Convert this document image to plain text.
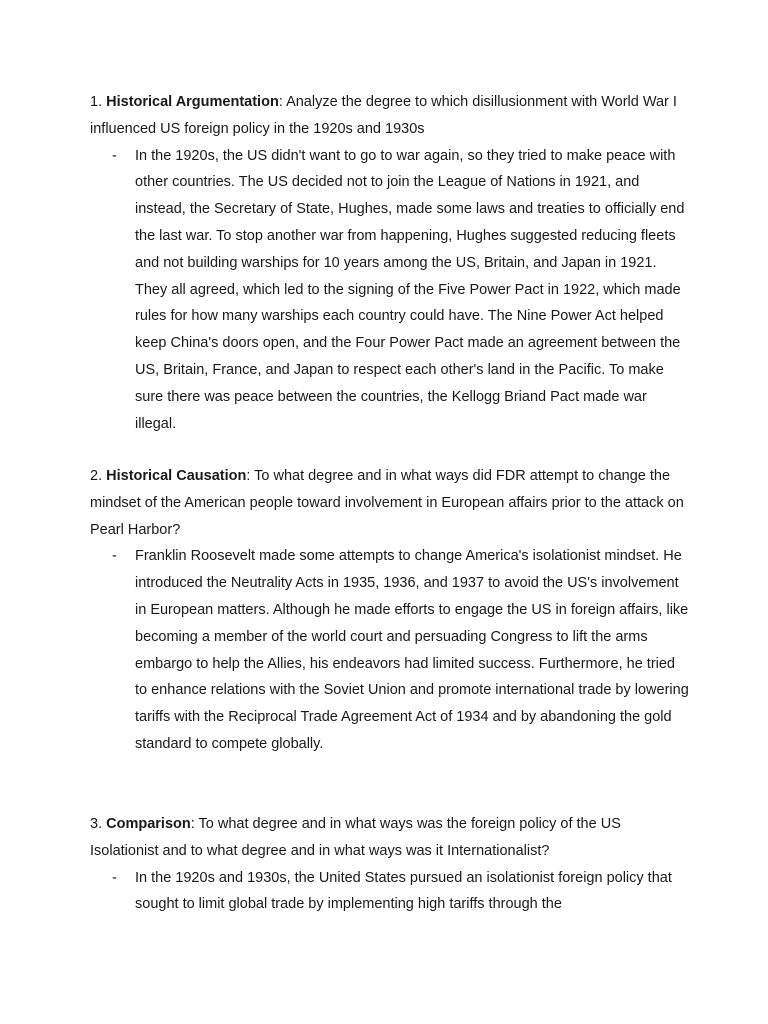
1. Historical Argumentation: Analyze the degree to which disillusionment with World War I influenced US foreign policy in the 1920s and 1930s

- In the 1920s, the US didn't want to go to war again, so they tried to make peace with other countries. The US decided not to join the League of Nations in 1921, and instead, the Secretary of State, Hughes, made some laws and treaties to officially end the last war. To stop another war from happening, Hughes suggested reducing fleets and not building warships for 10 years among the US, Britain, and Japan in 1921. They all agreed, which led to the signing of the Five Power Pact in 1922, which made rules for how many warships each country could have. The Nine Power Act helped keep China's doors open, and the Four Power Pact made an agreement between the US, Britain, France, and Japan to respect each other's land in the Pacific. To make sure there was peace between the countries, the Kellogg Briand Pact made war illegal.

2. Historical Causation: To what degree and in what ways did FDR attempt to change the mindset of the American people toward involvement in European affairs prior to the attack on Pearl Harbor?

- Franklin Roosevelt made some attempts to change America's isolationist mindset. He introduced the Neutrality Acts in 1935, 1936, and 1937 to avoid the US's involvement in European matters. Although he made efforts to engage the US in foreign affairs, like becoming a member of the world court and persuading Congress to lift the arms embargo to help the Allies, his endeavors had limited success. Furthermore, he tried to enhance relations with the Soviet Union and promote international trade by lowering tariffs with the Reciprocal Trade Agreement Act of 1934 and by abandoning the gold standard to compete globally.

3. Comparison: To what degree and in what ways was the foreign policy of the US Isolationist and to what degree and in what ways was it Internationalist?

- In the 1920s and 1930s, the United States pursued an isolationist foreign policy that sought to limit global trade by implementing high tariffs through the
